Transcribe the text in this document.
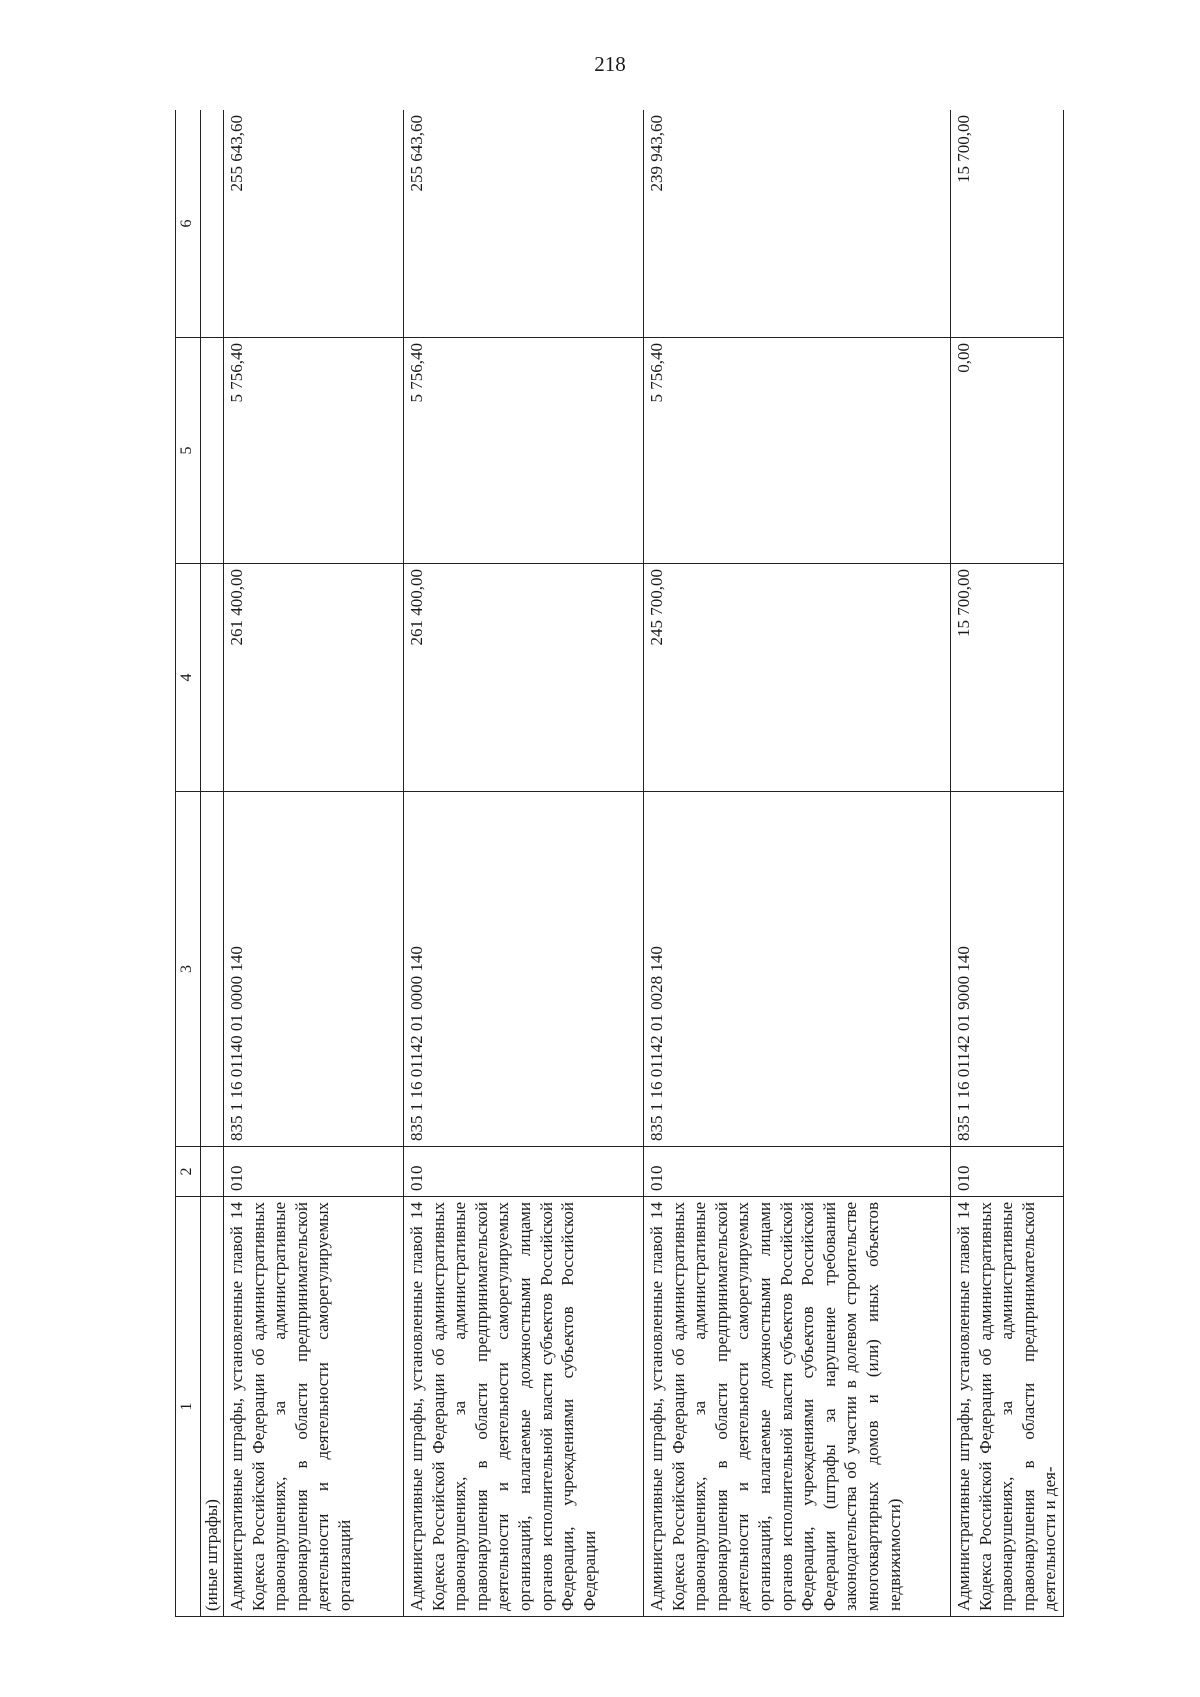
218
1	2	3	4	5	6
(иные штрафы)					
Административные штрафы, установленные главой 14 Кодекса Российской Федерации об административных правонарушениях, за административные правонарушения в области предпринимательской деятельности и деятельности саморегулируемых организаций	010	835 1 16 01140 01 0000 140	261 400,00	5 756,40	255 643,60
Административные штрафы, установленные главой 14 Кодекса Российской Федерации об административных правонарушениях, за административные правонарушения в области предпринимательской деятельности и деятельности саморегулируемых организаций, налагаемые должностными лицами органов исполнительной власти субъектов Российской Федерации, учреждениями субъектов Российской Федерации	010	835 1 16 01142 01 0000 140	261 400,00	5 756,40	255 643,60
Административные штрафы, установленные главой 14 Кодекса Российской Федерации об административных правонарушениях, за административные правонарушения в области предпринимательской деятельности и деятельности саморегулируемых организаций, налагаемые должностными лицами органов исполнительной власти субъектов Российской Федерации, учреждениями субъектов Российской Федерации (штрафы за нарушение требований законодательства об участии в долевом строительстве многоквартирных домов и (или) иных объектов недвижимости)	010	835 1 16 01142 01 0028 140	245 700,00	5 756,40	239 943,60
Административные штрафы, установленные главой 14 Кодекса Российской Федерации об административных правонарушениях, за административные правонарушения в области предпринимательской деятельности и дея-	010	835 1 16 01142 01 9000 140	15 700,00	0,00	15 700,00
